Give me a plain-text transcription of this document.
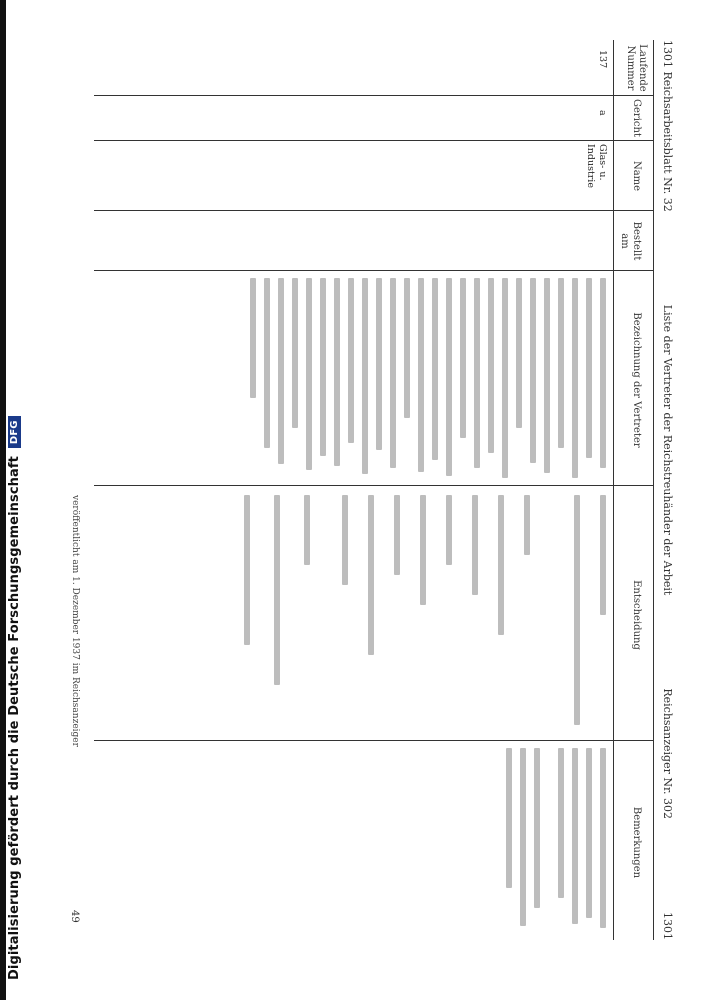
Digitalisierung gefördert durch die Deutsche Forschungsgemeinschaft
DFG
1301 Reichsarbeitsblatt Nr. 32
Liste der Vertreter der Reichstreuhänder der Arbeit
Reichsanzeiger Nr. 302
1301
Laufende Nummer
Gericht
Name
Bestellt am
Bezeichnung der Vertreter
Entscheidung
Bemerkungen
137
a
Glas- u. Industrie
49
veröffentlicht am 1. Dezember 1937 im Reichsanzeiger
